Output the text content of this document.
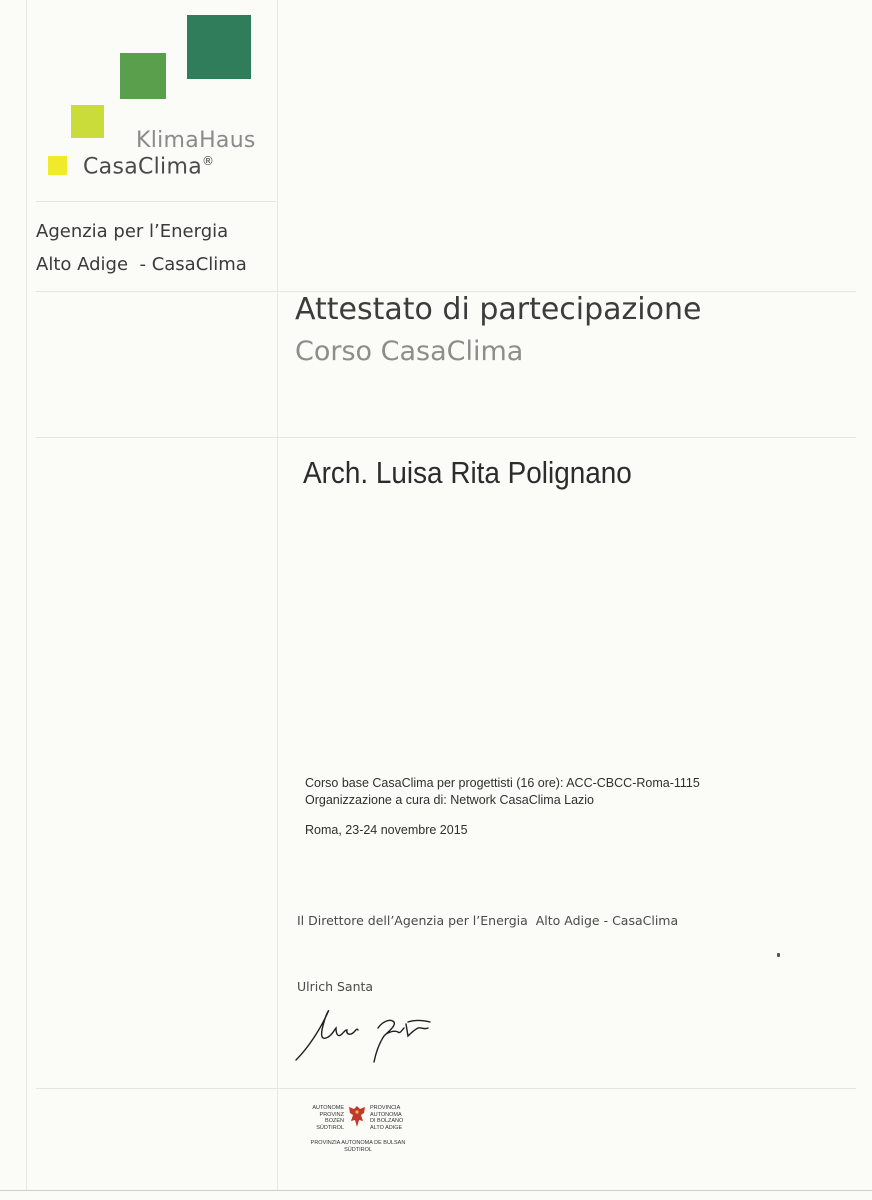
KlimaHaus
CasaClima®
Agenzia per l’Energia
Alto Adige  - CasaClima
Attestato di partecipazione
Corso CasaClima
Arch. Luisa Rita Polignano
Corso base CasaClima per progettisti (16 ore): ACC-CBCC-Roma-1115
Organizzazione a cura di: Network CasaClima Lazio
Roma, 23-24 novembre 2015
Il Direttore dell’Agenzia per l’Energia  Alto Adige - CasaClima
Ulrich Santa
AUTONOME
PROVINZ
BOZEN
SÜDTIROL
PROVINCIA
AUTONOMA
DI BOLZANO
ALTO ADIGE
PROVINZIA AUTONOMA DE BULSAN
SÜDTIROL
